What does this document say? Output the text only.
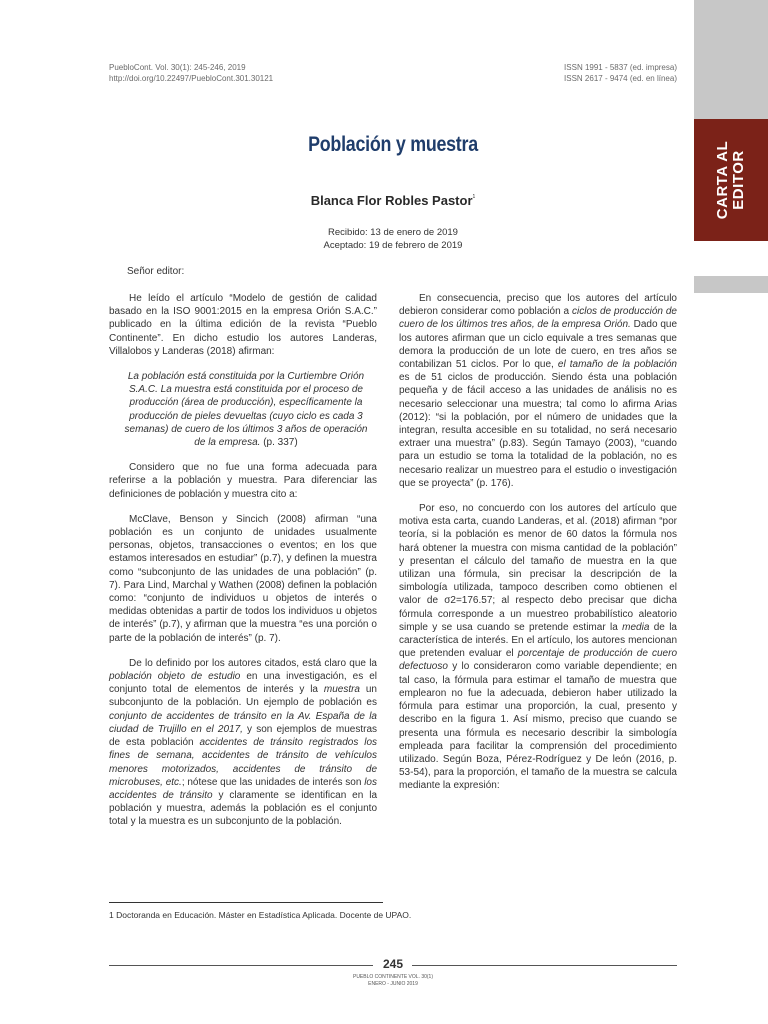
PuebloCont. Vol. 30(1): 245-246, 2019
http://doi.org/10.22497/PuebloCont.301.30121
ISSN 1991 - 5837 (ed. impresa)
ISSN 2617 - 9474 (ed. en línea)
CARTA AL EDITOR
Población y muestra
Blanca Flor Robles Pastor$^1$
Recibido: 13 de enero de 2019
Aceptado: 19 de febrero de 2019
Señor editor:

He leído el artículo “Modelo de gestión de calidad basado en la ISO 9001:2015 en la empresa Orión S.A.C.” publicado en la última edición de la revista “Pueblo Continente”. En dicho estudio los autores Landeras, Villalobos y Landeras (2018) afirman:

La población está constituida por la Curtiembre Orión S.A.C. La muestra está constituida por el proceso de producción (área de producción), específicamente la producción de pieles devueltas (cuyo ciclo es cada 3 semanas) de cuero de los últimos 3 años de operación de la empresa. (p. 337)

Considero que no fue una forma adecuada para referirse a la población y muestra. Para diferenciar las definiciones de población y muestra cito a:

McClave, Benson y Sincich (2008) afirman “una población es un conjunto de unidades usualmente personas, objetos, transacciones o eventos; en los que estamos interesados en estudiar” (p.7), y definen la muestra como “subconjunto de las unidades de una población” (p. 7). Para Lind, Marchal y Wathen (2008) definen la población como: “conjunto de individuos u objetos de interés o medidas obtenidas a partir de todos los individuos u objetos de interés” (p.7), y afirman que la muestra “es una porción o parte de la población de interés” (p. 7).

De lo definido por los autores citados, está claro que la población objeto de estudio en una investigación, es el conjunto total de elementos de interés y la muestra un subconjunto de la población. Un ejemplo de población es conjunto de accidentes de tránsito en la Av. España de la ciudad de Trujillo en el 2017, y son ejemplos de muestras de esta población accidentes de tránsito registrados los fines de semana, accidentes de tránsito de vehículos menores motorizados, accidentes de tránsito de microbuses, etc.; nótese que las unidades de interés son los accidentes de tránsito y claramente se identifican en la población y muestra, además la población es el conjunto total y la muestra es un subconjunto de la población.

En consecuencia, preciso que los autores del artículo debieron considerar como población a ciclos de producción de cuero de los últimos tres años, de la empresa Orión. Dado que los autores afirman que un ciclo equivale a tres semanas que demora la producción de un lote de cuero, en tres años se contabilizan 51 ciclos. Por lo que, el tamaño de la población es de 51 ciclos de producción. Siendo ésta una población pequeña y de fácil acceso a las unidades de análisis no es necesario seleccionar una muestra; tal como lo afirma Arias (2012): “si la población, por el número de unidades que la integran, resulta accesible en su totalidad, no será necesario extraer una muestra” (p.83). Según Tamayo (2003), “cuando para un estudio se toma la totalidad de la población, no es necesario realizar un muestreo para el estudio o investigación que se proyecta” (p. 176).

Por eso, no concuerdo con los autores del artículo que motiva esta carta, cuando Landeras, et al. (2018) afirman “por teoría, si la población es menor de 60 datos la fórmula nos hará obtener la muestra con misma cantidad de la población” y presentan el cálculo del tamaño de muestra en la que utilizan una fórmula, sin precisar la descripción de la simbología utilizada, tampoco describen como obtienen el valor de σ2=176.57; al respecto debo precisar que dicha fórmula corresponde a un muestreo probabilístico aleatorio simple y se usa cuando se pretende estimar la media de la característica de interés. En el artículo, los autores mencionan que pretenden evaluar el porcentaje de producción de cuero defectuoso y lo consideraron como variable dependiente; en tal caso, la fórmula para estimar el tamaño de muestra que emplearon no fue la adecuada, debieron haber utilizado la fórmula para estimar una proporción, la cual, presento y describo en la figura 1. Así mismo, preciso que cuando se presenta una fórmula es necesario describir la simbología empleada para facilitar la comprensión del procedimiento utilizado. Según Boza, Pérez-Rodríguez y De león (2016, p. 53-54), para la proporción, el tamaño de la muestra se calcula mediante la expresión:

1 Doctoranda en Educación. Máster en Estadística Aplicada. Docente de UPAO.
245
PUEBLO CONTINENTE VOL. 30(1)
ENERO - JUNIO 2019
